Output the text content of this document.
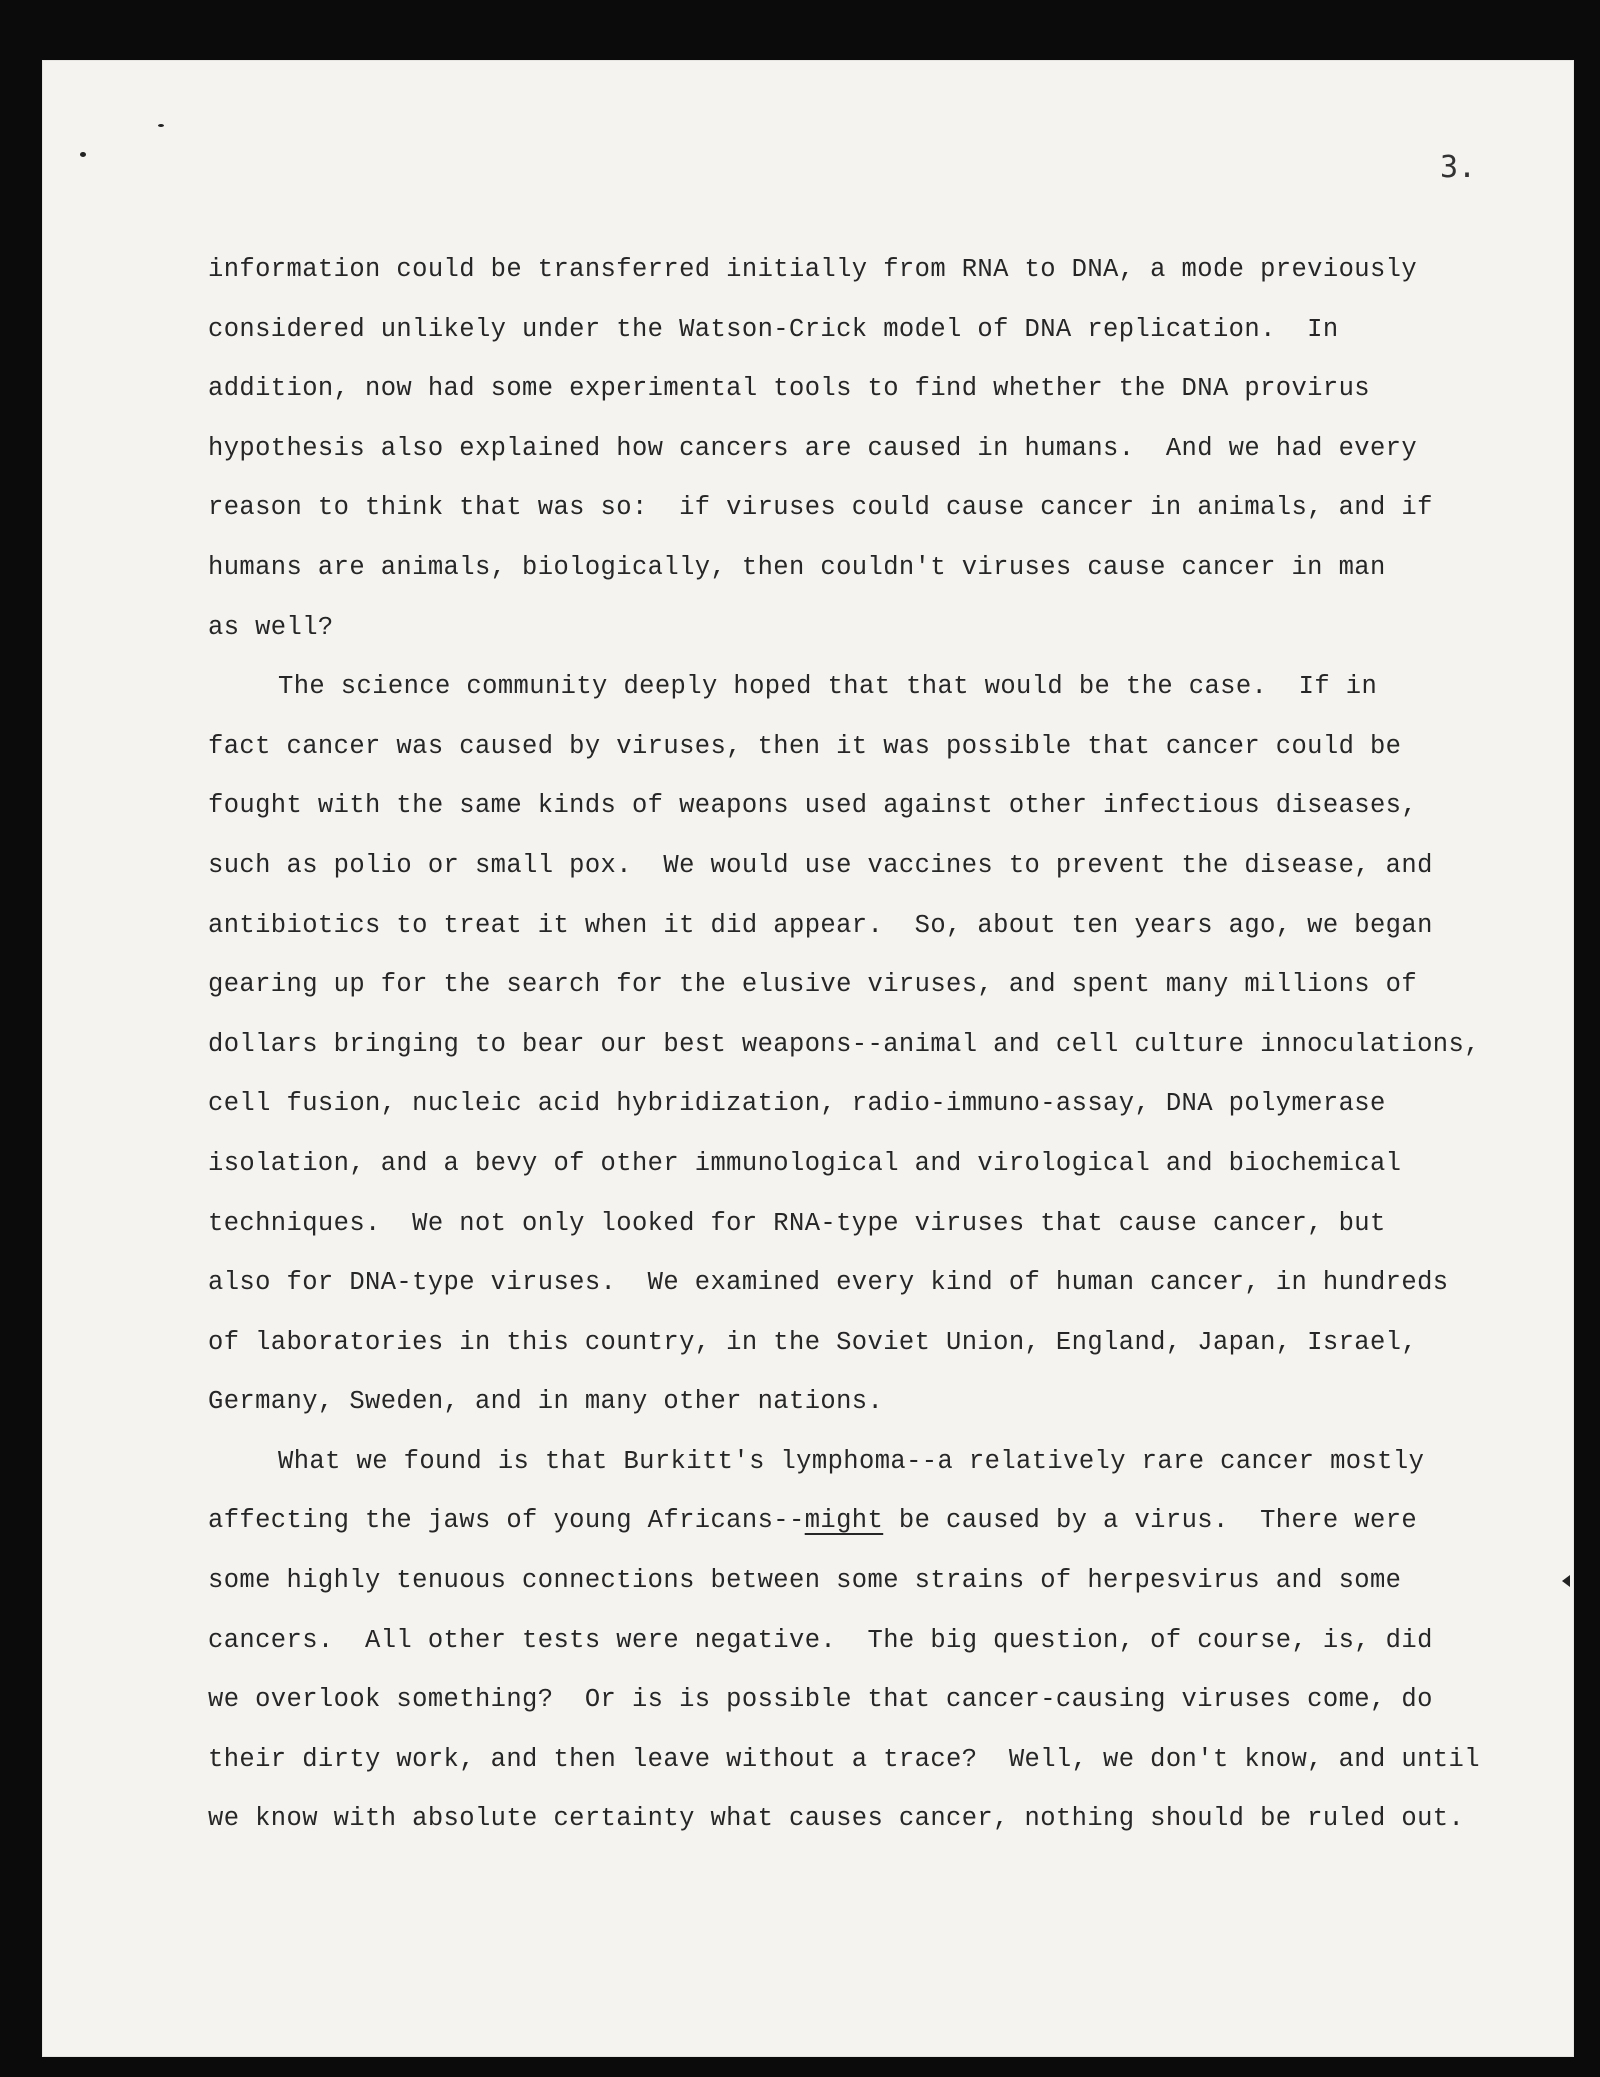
3.
information could be transferred initially from RNA to DNA, a mode previously
considered unlikely under the Watson-Crick model of DNA replication.  In
addition, now had some experimental tools to find whether the DNA provirus
hypothesis also explained how cancers are caused in humans.  And we had every
reason to think that was so:  if viruses could cause cancer in animals, and if
humans are animals, biologically, then couldn't viruses cause cancer in man
as well?
The science community deeply hoped that that would be the case.  If in
fact cancer was caused by viruses, then it was possible that cancer could be
fought with the same kinds of weapons used against other infectious diseases,
such as polio or small pox.  We would use vaccines to prevent the disease, and
antibiotics to treat it when it did appear.  So, about ten years ago, we began
gearing up for the search for the elusive viruses, and spent many millions of
dollars bringing to bear our best weapons--animal and cell culture innoculations,
cell fusion, nucleic acid hybridization, radio-immuno-assay, DNA polymerase
isolation, and a bevy of other immunological and virological and biochemical
techniques.  We not only looked for RNA-type viruses that cause cancer, but
also for DNA-type viruses.  We examined every kind of human cancer, in hundreds
of laboratories in this country, in the Soviet Union, England, Japan, Israel,
Germany, Sweden, and in many other nations.
What we found is that Burkitt's lymphoma--a relatively rare cancer mostly
affecting the jaws of young Africans--might be caused by a virus.  There were
some highly tenuous connections between some strains of herpesvirus and some
cancers.  All other tests were negative.  The big question, of course, is, did
we overlook something?  Or is is possible that cancer-causing viruses come, do
their dirty work, and then leave without a trace?  Well, we don't know, and until
we know with absolute certainty what causes cancer, nothing should be ruled out.
